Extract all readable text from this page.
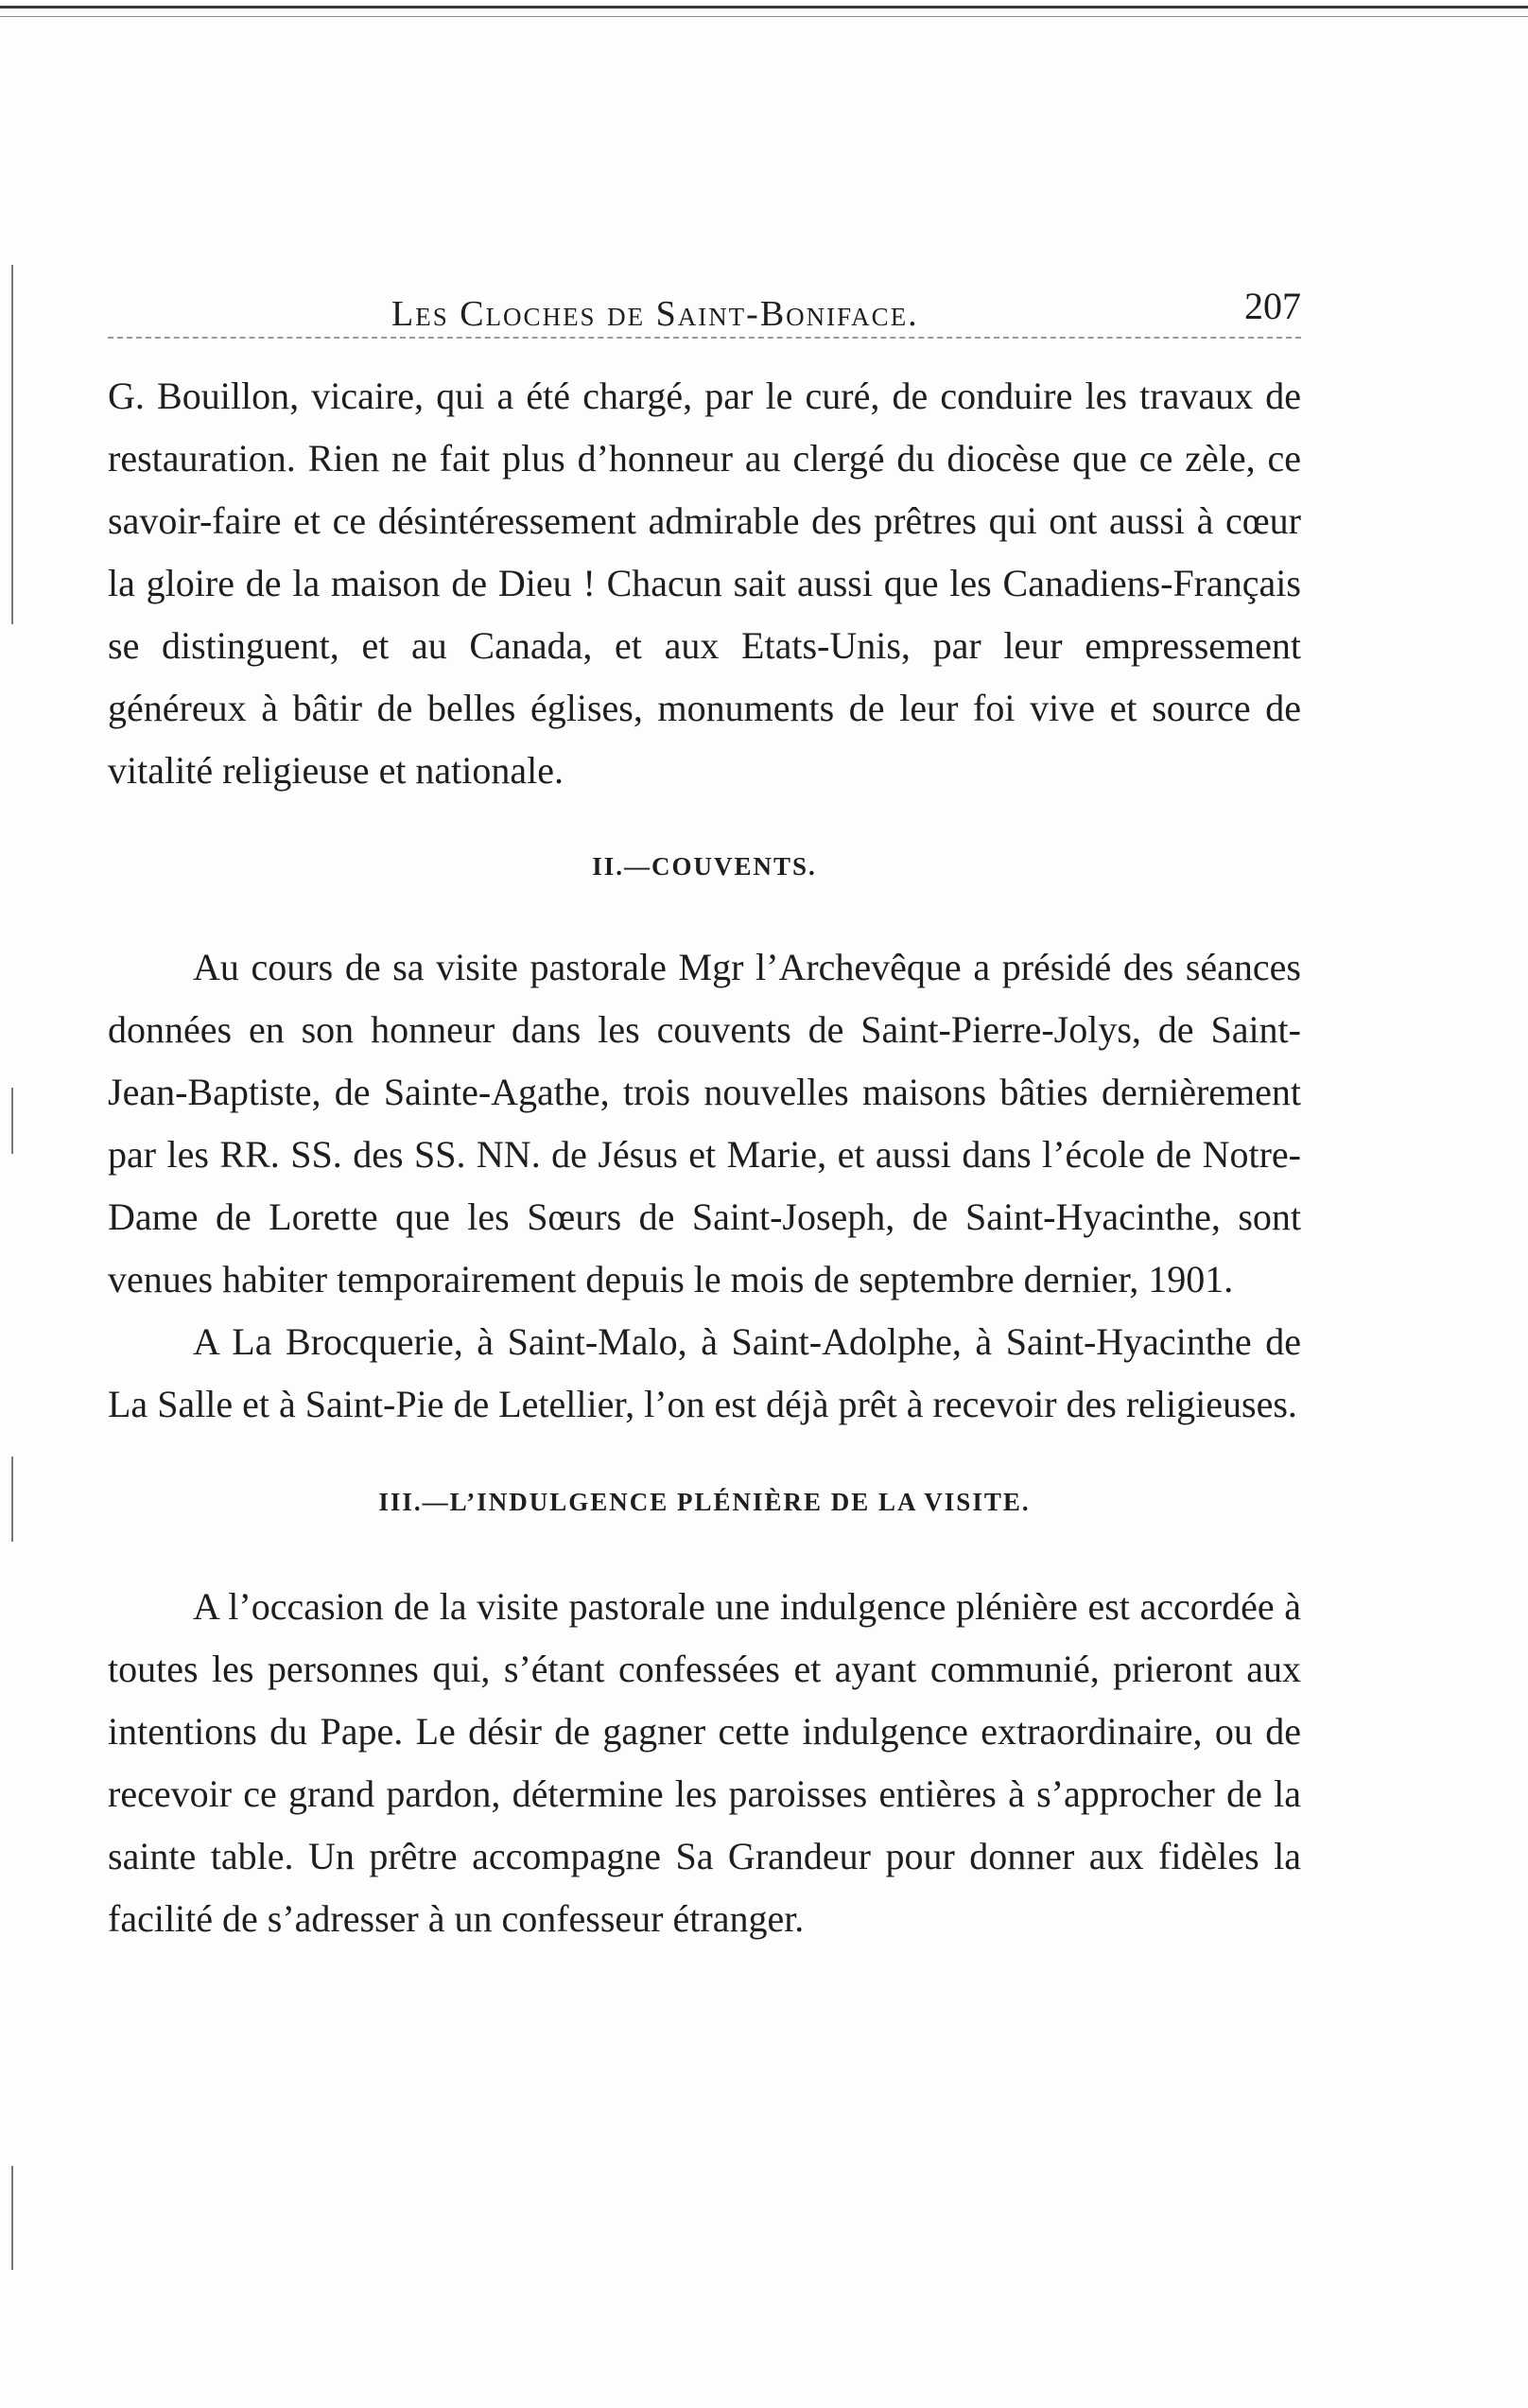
Les Cloches de Saint-Boniface.	207

G. Bouillon, vicaire, qui a été chargé, par le curé, de conduire les travaux de restauration. Rien ne fait plus d’honneur au clergé du diocèse que ce zèle, ce savoir-faire et ce désintéressement admirable des prêtres qui ont aussi à cœur la gloire de la maison de Dieu ! Chacun sait aussi que les Canadiens-Français se distinguent, et au Canada, et aux Etats-Unis, par leur empressement généreux à bâtir de belles églises, monuments de leur foi vive et source de vitalité religieuse et nationale.

II.—COUVENTS.

Au cours de sa visite pastorale Mgr l’Archevêque a présidé des séances données en son honneur dans les couvents de Saint-Pierre-Jolys, de Saint-Jean-Baptiste, de Sainte-Agathe, trois nouvelles maisons bâties dernièrement par les RR. SS. des SS. NN. de Jésus et Marie, et aussi dans l’école de Notre-Dame de Lorette que les Sœurs de Saint-Joseph, de Saint-Hyacinthe, sont venues habiter temporairement depuis le mois de septembre dernier, 1901.

A La Brocquerie, à Saint-Malo, à Saint-Adolphe, à Saint-Hyacinthe de La Salle et à Saint-Pie de Letellier, l’on est déjà prêt à recevoir des religieuses.

III.—L’INDULGENCE PLÉNIÈRE DE LA VISITE.

A l’occasion de la visite pastorale une indulgence plénière est accordée à toutes les personnes qui, s’étant confessées et ayant communié, prieront aux intentions du Pape. Le désir de gagner cette indulgence extraordinaire, ou de recevoir ce grand pardon, détermine les paroisses entières à s’approcher de la sainte table. Un prêtre accompagne Sa Grandeur pour donner aux fidèles la facilité de s’adresser à un confesseur étranger.
